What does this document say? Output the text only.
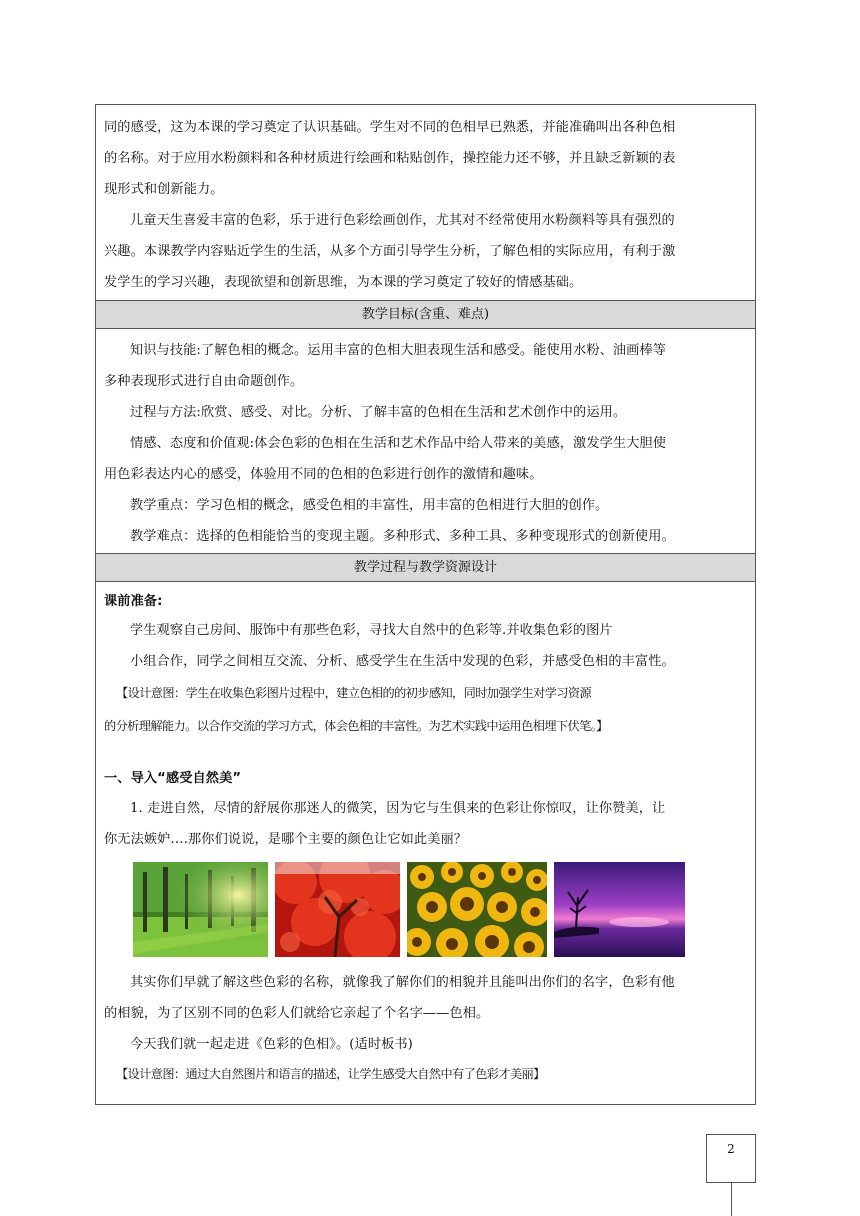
同的感受，这为本课的学习奠定了认识基础。学生对不同的色相早已熟悉，并能准确叫出各种色相

的名称。对于应用水粉颜料和各种材质进行绘画和粘贴创作，操控能力还不够，并且缺乏新颖的表

现形式和创新能力。

儿童天生喜爱丰富的色彩，乐于进行色彩绘画创作，尤其对不经常使用水粉颜料等具有强烈的

兴趣。本课教学内容贴近学生的生活，从多个方面引导学生分析，了解色相的实际应用，有利于激

发学生的学习兴趣，表现欲望和创新思维，为本课的学习奠定了较好的情感基础。

教学目标(含重、难点)

知识与技能:了解色相的概念。运用丰富的色相大胆表现生活和感受。能使用水粉、油画棒等

多种表现形式进行自由命题创作。

过程与方法:欣赏、感受、对比。分析、了解丰富的色相在生活和艺术创作中的运用。

情感、态度和价值观:体会色彩的色相在生活和艺术作品中给人带来的美感，激发学生大胆使

用色彩表达内心的感受，体验用不同的色相的色彩进行创作的激情和趣味。

教学重点：学习色相的概念，感受色相的丰富性，用丰富的色相进行大胆的创作。

教学难点：选择的色相能恰当的变现主题。多种形式、多种工具、多种变现形式的创新使用。

教学过程与教学资源设计

课前准备:

学生观察自己房间、服饰中有那些色彩，寻找大自然中的色彩等.并收集色彩的图片

小组合作，同学之间相互交流、分析、感受学生在生活中发现的色彩，并感受色相的丰富性。

【设计意图：学生在收集色彩图片过程中，建立色相的的初步感知，同时加强学生对学习资源

的分析理解能力。以合作交流的学习方式，体会色相的丰富性。为艺术实践中运用色相埋下伏笔。】

一、导入“感受自然美”

1. 走进自然，尽情的舒展你那迷人的微笑，因为它与生俱来的色彩让你惊叹，让你赞美，让

你无法嫉妒….那你们说说，是哪个主要的颜色让它如此美丽？

其实你们早就了解这些色彩的名称，就像我了解你们的相貌并且能叫出你们的名字，色彩有他

的相貌，为了区别不同的色彩人们就给它亲起了个名字——色相。

今天我们就一起走进《色彩的色相》。(适时板书)

【设计意图：通过大自然图片和语言的描述，让学生感受大自然中有了色彩才美丽】

2
